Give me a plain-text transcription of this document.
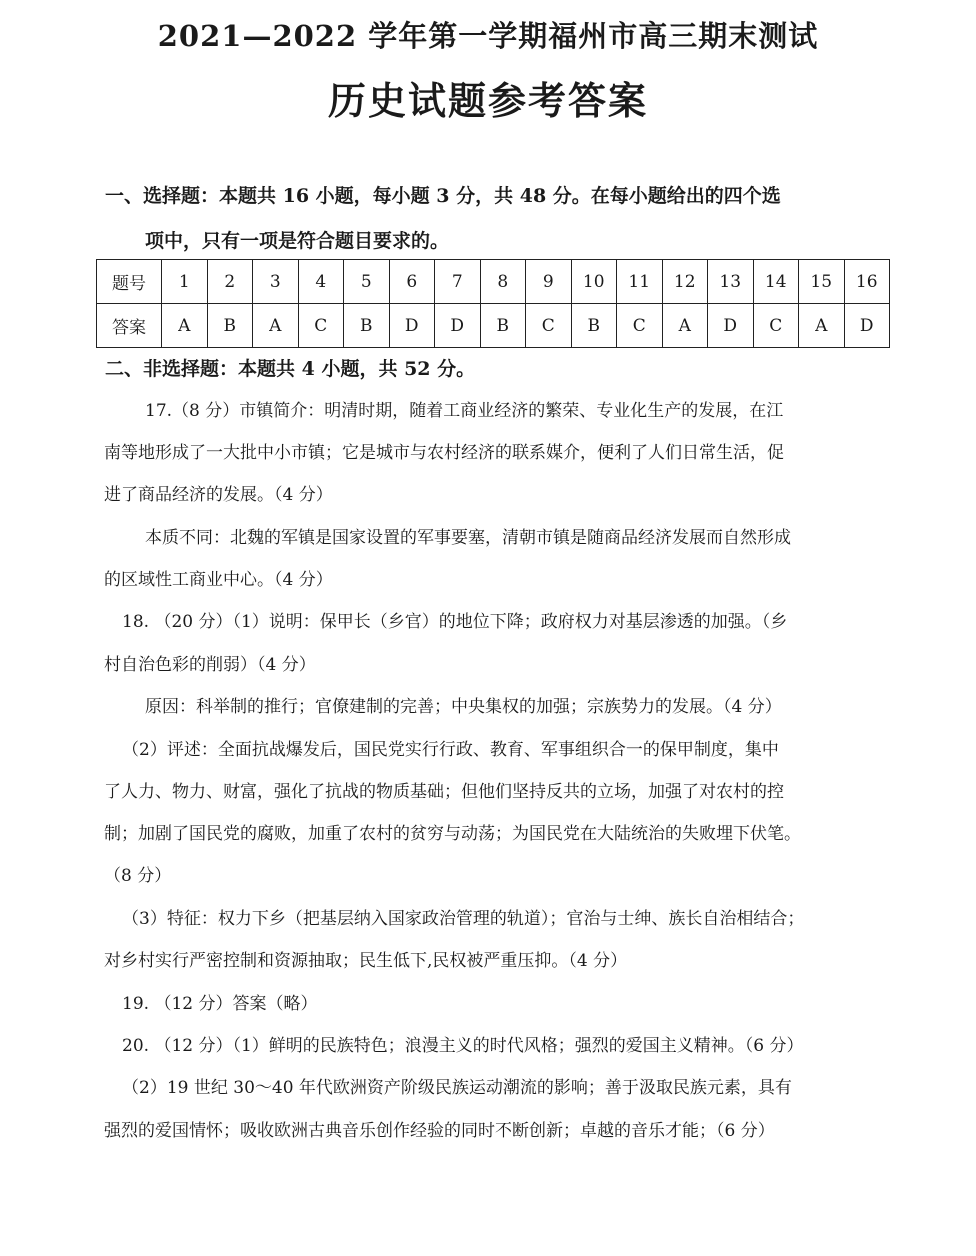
2021—2022 学年第一学期福州市高三期末测试
历史试题参考答案
一、选择题：本题共 16 小题，每小题 3 分，共 48 分。在每小题给出的四个选
项中，只有一项是符合题目要求的。
题号	1	2	3	4	5	6	7	8	9	10	11	12	13	14	15	16
答案	A	B	A	C	B	D	D	B	C	B	C	A	D	C	A	D
二、非选择题：本题共 4 小题，共 52 分。
17.（8 分）市镇简介：明清时期，随着工商业经济的繁荣、专业化生产的发展，在江
南等地形成了一大批中小市镇；它是城市与农村经济的联系媒介，便利了人们日常生活，促
进了商品经济的发展。（4 分）
本质不同：北魏的军镇是国家设置的军事要塞，清朝市镇是随商品经济发展而自然形成
的区域性工商业中心。（4 分）
18. （20 分）（1）说明：保甲长（乡官）的地位下降；政府权力对基层渗透的加强。（乡
村自治色彩的削弱）（4 分）
原因：科举制的推行；官僚建制的完善；中央集权的加强；宗族势力的发展。（4 分）
（2）评述：全面抗战爆发后，国民党实行行政、教育、军事组织合一的保甲制度，集中
了人力、物力、财富，强化了抗战的物质基础；但他们坚持反共的立场，加强了对农村的控
制；加剧了国民党的腐败，加重了农村的贫穷与动荡；为国民党在大陆统治的失败埋下伏笔。
（8 分）
（3）特征：权力下乡（把基层纳入国家政治管理的轨道）；官治与士绅、族长自治相结合；
对乡村实行严密控制和资源抽取；民生低下,民权被严重压抑。（4 分）
19. （12 分）答案（略）
20. （12 分）（1）鲜明的民族特色；浪漫主义的时代风格；强烈的爱国主义精神。（6 分）
（2）19 世纪 30～40 年代欧洲资产阶级民族运动潮流的影响；善于汲取民族元素，具有
强烈的爱国情怀；吸收欧洲古典音乐创作经验的同时不断创新；卓越的音乐才能；（6 分）
